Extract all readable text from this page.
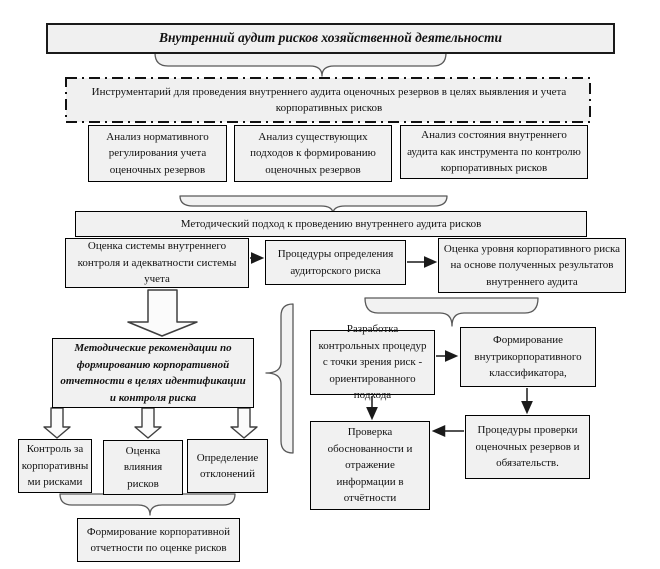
Внутренний аудит рисков хозяйственной деятельности
Инструментарий для проведения внутреннего аудита оценочных резервов в целях выявления и учета корпоративных рисков
Анализ нормативного регулирования учета оценочных резервов
Анализ существующих подходов к формированию оценочных резервов
Анализ состояния внутреннего аудита как инструмента по контролю корпоративных рисков
Методический подход к проведению внутреннего аудита рисков
Оценка системы внутреннего контроля и адекватности системы учета
Процедуры определения аудиторского риска
Оценка уровня корпоративного риска на основе полученных результатов внутреннего аудита
Методические рекомендации по формированию корпоративной отчетности в целях идентификации и контроля риска
Контроль за корпоративны ми рисками
Оценка влияния рисков
Определение отклонений
Формирование корпоративной отчетности по оценке рисков
Разработка контрольных процедур с точки зрения риск - ориентированного подхода
Формирование внутрикорпоративного классификатора,
Проверка обоснованности и отражение информации в отчётности
Процедуры проверки оценочных резервов и обязательств.
